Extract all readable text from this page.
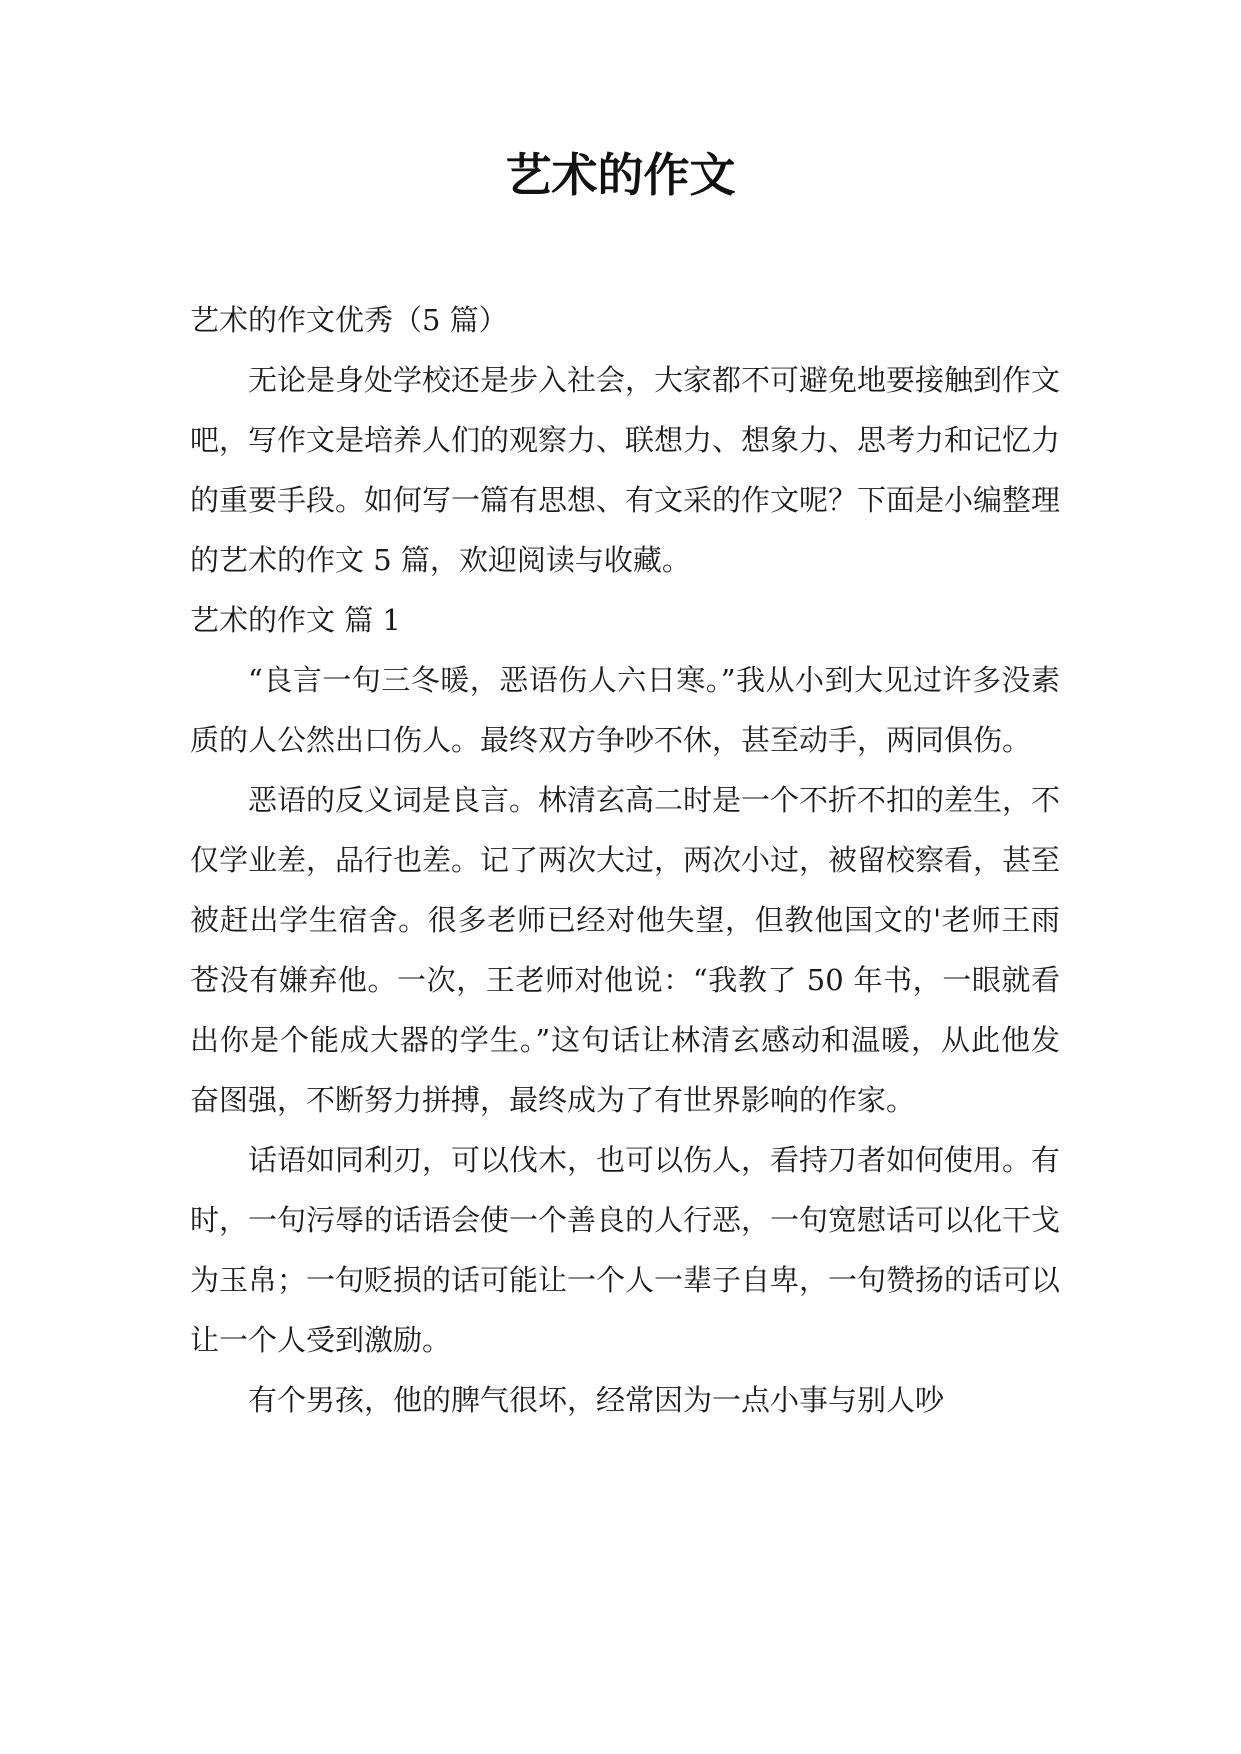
艺术的作文

艺术的作文优秀（5 篇）

无论是身处学校还是步入社会，大家都不可避免地要接触到作文吧，写作文是培养人们的观察力、联想力、想象力、思考力和记忆力的重要手段。如何写一篇有思想、有文采的作文呢？下面是小编整理的艺术的作文 5 篇，欢迎阅读与收藏。

艺术的作文 篇 1

“良言一句三冬暖，恶语伤人六日寒。”我从小到大见过许多没素质的人公然出口伤人。最终双方争吵不休，甚至动手，两同俱伤。

恶语的反义词是良言。林清玄高二时是一个不折不扣的差生，不仅学业差，品行也差。记了两次大过，两次小过，被留校察看，甚至被赶出学生宿舍。很多老师已经对他失望，但教他国文的'老师王雨苍没有嫌弃他。一次，王老师对他说：“我教了 50 年书，一眼就看出你是个能成大器的学生。”这句话让林清玄感动和温暖，从此他发奋图强，不断努力拼搏，最终成为了有世界影响的作家。

话语如同利刃，可以伐木，也可以伤人，看持刀者如何使用。有时，一句污辱的话语会使一个善良的人行恶，一句宽慰话可以化干戈为玉帛；一句贬损的话可能让一个人一辈子自卑，一句赞扬的话可以让一个人受到激励。

有个男孩，他的脾气很坏，经常因为一点小事与别人吵
